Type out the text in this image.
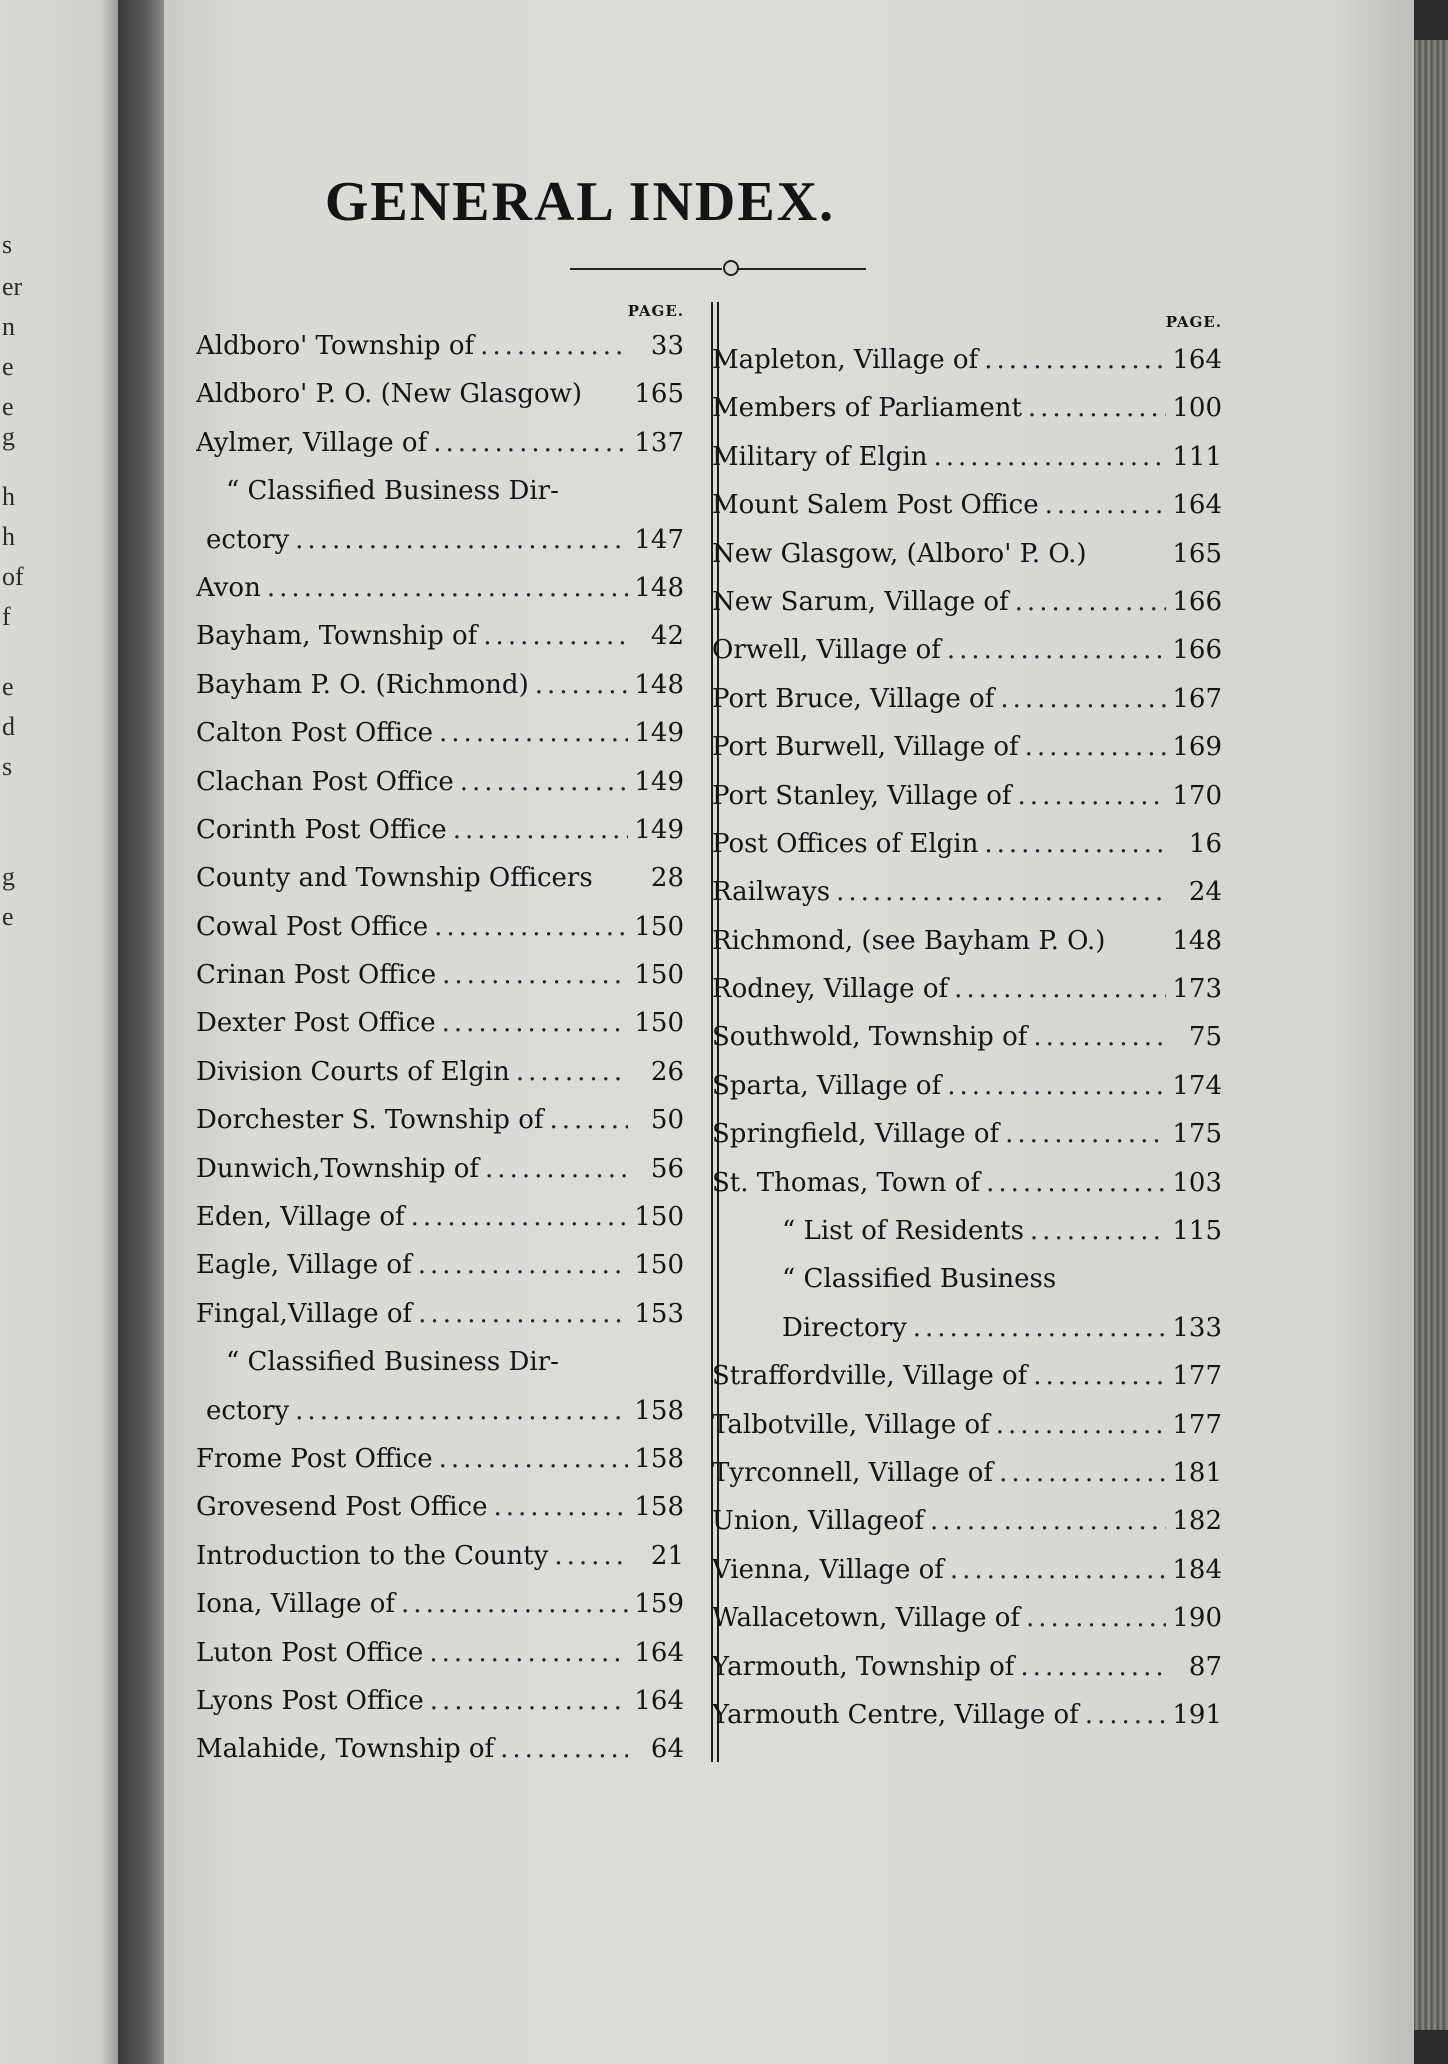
s
er
n
e
e
g
h
h
of
f
e
d
s
g
e
GENERAL INDEX.
PAGE.
Aldboro' Township of .....	33
Aldboro' P. O. (New Glasgow) 165
Aylmer, Village of .....	137
“ Classified Business Dir-
ectory .....	147
Avon .....	148
Bayham, Township of .....	42
Bayham P. O. (Richmond) .....	148
Calton Post Office .....	149
Clachan Post Office .....	149
Corinth Post Office .....	149
County and Township Officers	28
Cowal Post Office .....	150
Crinan Post Office .....	150
Dexter Post Office .....	150
Division Courts of Elgin .....	26
Dorchester S. Township of .....	50
Dunwich,Township of .....	56
Eden, Village of .....	150
Eagle, Village of .....	150
Fingal,Village of .....	153
“ Classified Business Dir-
ectory .....	158
Frome Post Office .....	158
Grovesend Post Office .....	158
Introduction to the County .....	21
Iona, Village of .....	159
Luton Post Office .....	164
Lyons Post Office .....	164
Malahide, Township of .....	64
PAGE.
Mapleton, Village of .....	164
Members of Parliament .....	100
Military of Elgin .....	111
Mount Salem Post Office .....	164
New Glasgow, (Alboro' P. O.)	165
New Sarum, Village of .....	166
Orwell, Village of .....	166
Port Bruce, Village of .....	167
Port Burwell, Village of .....	169
Port Stanley, Village of .....	170
Post Offices of Elgin .....	16
Railways .....	24
Richmond, (see Bayham P. O.)	148
Rodney, Village of .....	173
Southwold, Township of .....	75
Sparta, Village of .....	174
Springfield, Village of .....	175
St. Thomas, Town of .....	103
“ List of Residents .....	115
“ Classified Business
Directory .....	133
Straffordville, Village of .....	177
Talbotville, Village of .....	177
Tyrconnell, Village of .....	181
Union, Villageof .....	182
Vienna, Village of .....	184
Wallacetown, Village of .....	190
Yarmouth, Township of .....	87
Yarmouth Centre, Village of .....	191
